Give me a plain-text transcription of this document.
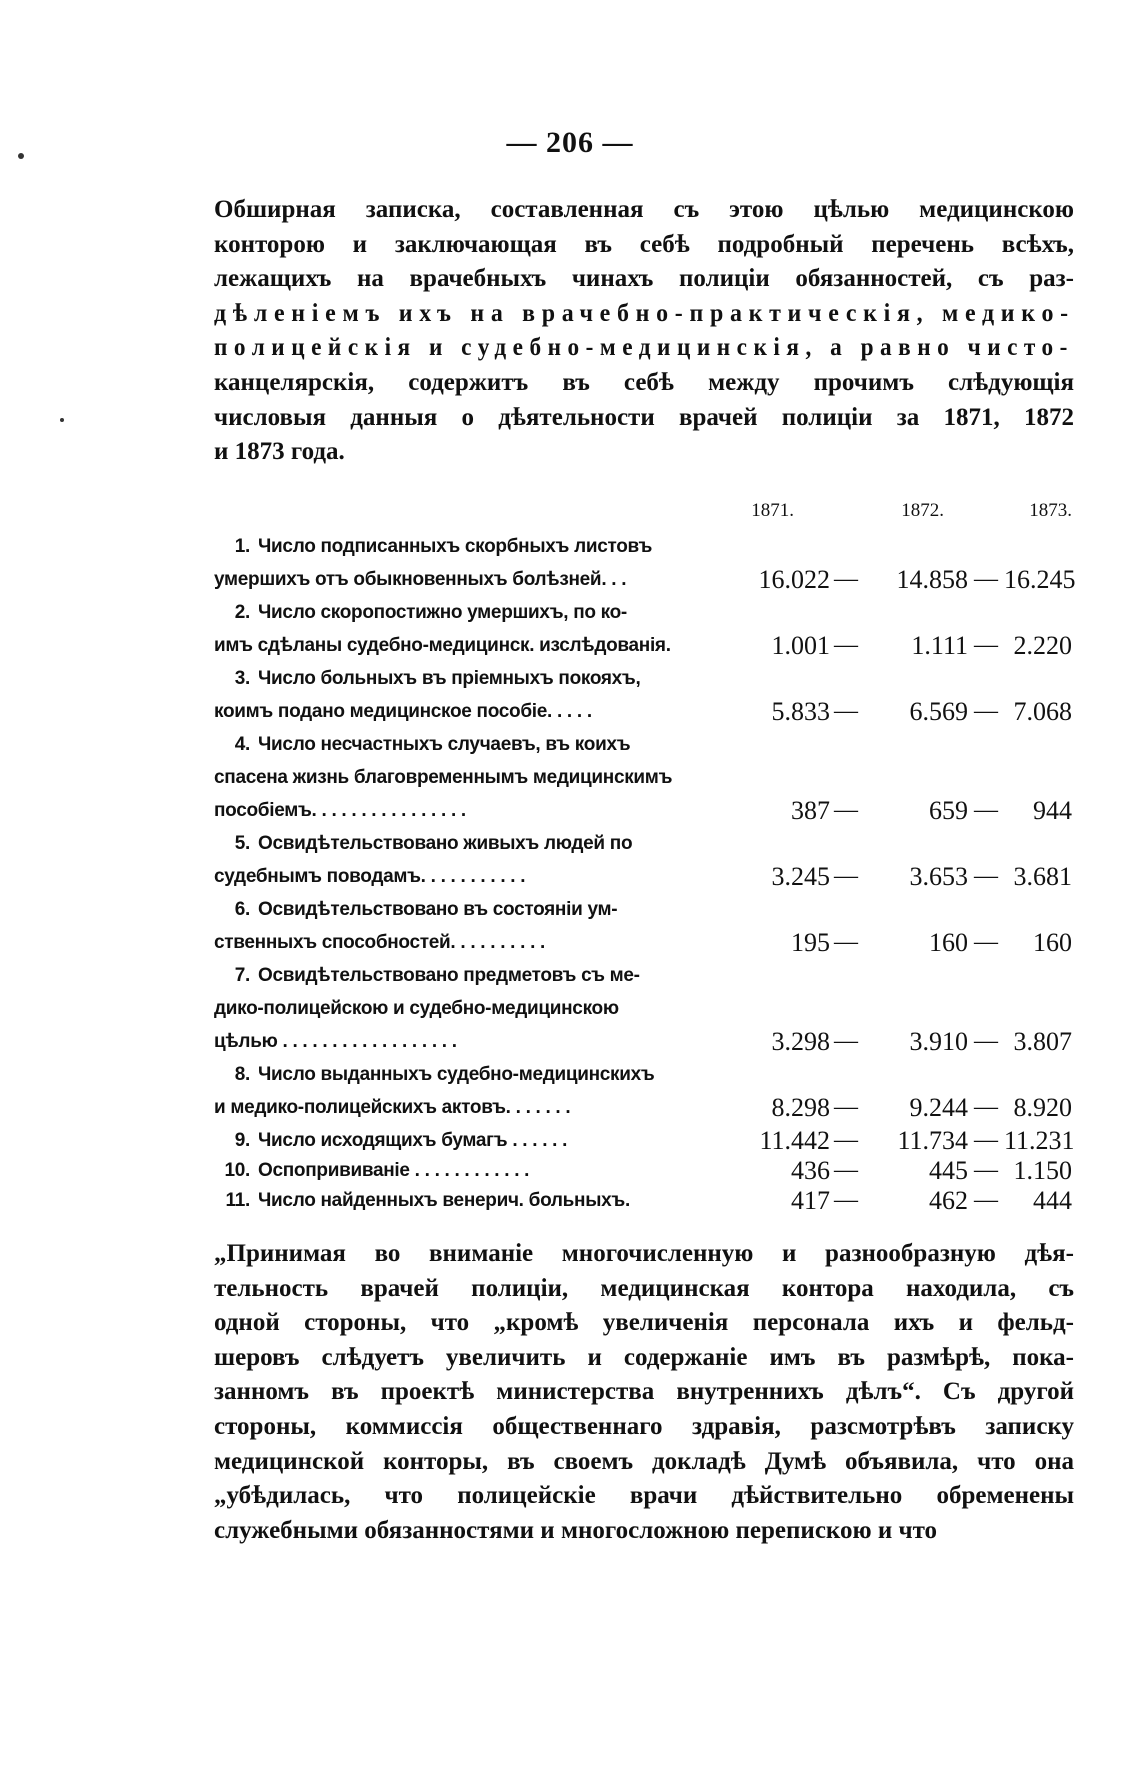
— 206 —
Обширная записка, составленная съ этою цѣлью медицинскою
конторою и заключающая въ себѣ подробный перечень всѣхъ,
лежащихъ на врачебныхъ чинахъ полиціи обязанностей, съ раз-
дѣленіемъ ихъ на врачебно-практическія, медико-
полицейскія и судебно-медицинскія, а равно чисто-
канцелярскія, содержитъ въ себѣ между прочимъ слѣдующія
числовыя данныя о дѣятельности врачей полиціи за 1871, 1872
и 1873 года.
1871.	1872.	1873.
1. Число подписанныхъ скорбныхъ листовъ
умершихъ отъ обыкновенныхъ болѣзней. . .	16.022 —	14.858 — 16.245
2. Число скоропостижно умершихъ, по ко-
имъ сдѣланы судебно-медицинск. изслѣдованія.	1.001 —	1.111 — 2.220
3. Число больныхъ въ пріемныхъ покояхъ,
коимъ подано медицинское пособіе. . . . .	5.833 —	6.569 — 7.068
4. Число несчастныхъ случаевъ, въ коихъ
спасена жизнь благовременнымъ медицинскимъ
пособіемъ. . . . . . . . . . . . . . . .	387 —	659 —	944
5. Освидѣтельствовано живыхъ людей по
судебнымъ поводамъ. . . . . . . . . . .	3.245 —	3.653 — 3.681
6. Освидѣтельствовано въ состояніи ум-
ственныхъ способностей. . . . . . . . . .	195 —	160 —	160
7. Освидѣтельствовано предметовъ съ ме-
дико-полицейскою и судебно-медицинскою
цѣлью . . . . . . . . . . . . . . . . . .	3.298 —	3.910 — 3.807
8. Число выданныхъ судебно-медицинскихъ
и медико-полицейскихъ актовъ. . . . . . .	8.298 —	9.244 — 8.920
9. Число исходящихъ бумагъ . . . . . .	11.442 —	11.734 — 11.231
10. Оспопрививаніе . . . . . . . . . . . .	436 —	445 — 1.150
11. Число найденныхъ венерич. больныхъ.	417 —	462 —	444
„Принимая во вниманіе многочисленную и разнообразную дѣя-
тельность врачей полиціи, медицинская контора находила, съ
одной стороны, что „кромѣ увеличенія персонала ихъ и фельд-
шеровъ слѣдуетъ увеличить и содержаніе имъ въ размѣрѣ, пока-
занномъ въ проектѣ министерства внутреннихъ дѣлъ“. Съ другой
стороны, коммиссія общественнаго здравія, разсмотрѣвъ записку
медицинской конторы, въ своемъ докладѣ Думѣ объявила, что она
„убѣдилась, что полицейскіе врачи дѣйствительно обременены
служебными обязанностями и многосложною перепискою и что
